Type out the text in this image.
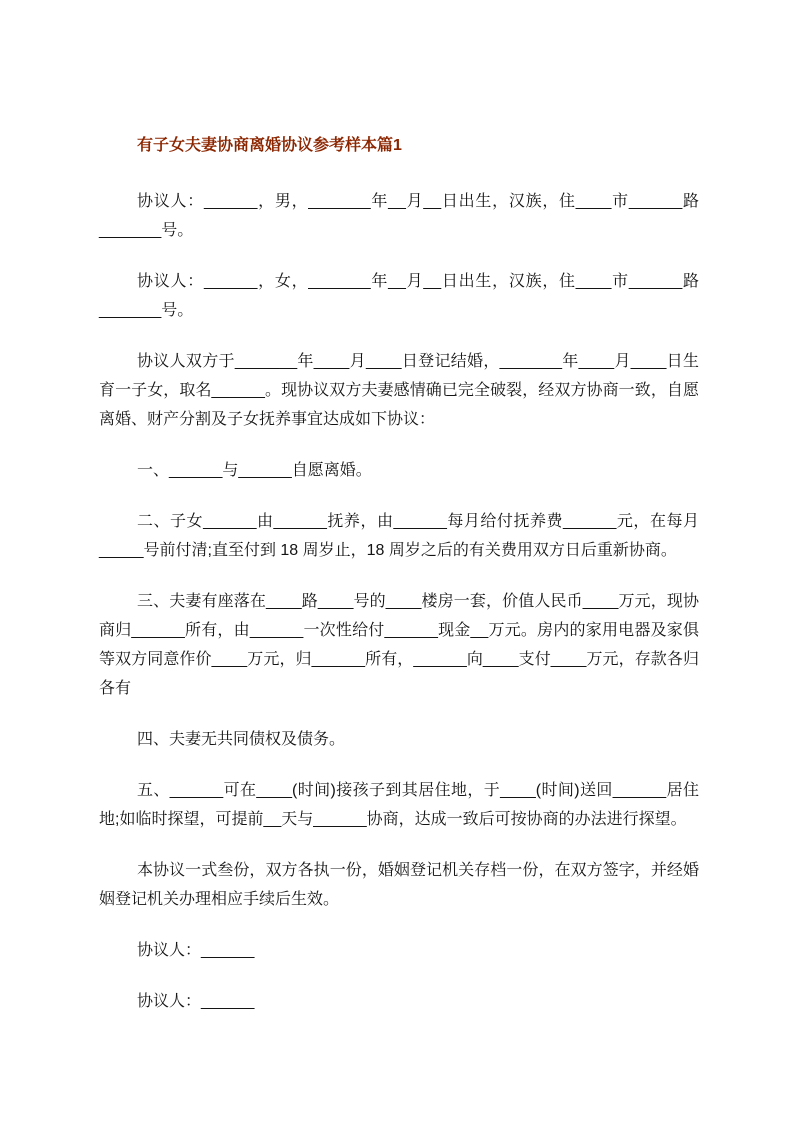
有子女夫妻协商离婚协议参考样本篇1

协议人：______，男，_______年__月__日出生，汉族，住____市______路_______号。

协议人：______，女，_______年__月__日出生，汉族，住____市______路_______号。

协议人双方于_______年____月____日登记结婚，_______年____月____日生育一子女，取名______。现协议双方夫妻感情确已完全破裂，经双方协商一致，自愿离婚、财产分割及子女抚养事宜达成如下协议：

一、______与______自愿离婚。

二、子女______由______抚养，由______每月给付抚养费______元，在每月_____号前付清;直至付到 18 周岁止，18 周岁之后的有关费用双方日后重新协商。

三、夫妻有座落在____路____号的____楼房一套，价值人民币____万元，现协商归______所有，由______一次性给付______现金__万元。房内的家用电器及家俱等双方同意作价____万元，归______所有，______向____支付____万元，存款各归各有

四、夫妻无共同债权及债务。

五、______可在____(时间)接孩子到其居住地，于____(时间)送回______居住地;如临时探望，可提前__天与______协商，达成一致后可按协商的办法进行探望。

本协议一式叁份，双方各执一份，婚姻登记机关存档一份，在双方签字，并经婚姻登记机关办理相应手续后生效。

协议人：______

协议人：______
